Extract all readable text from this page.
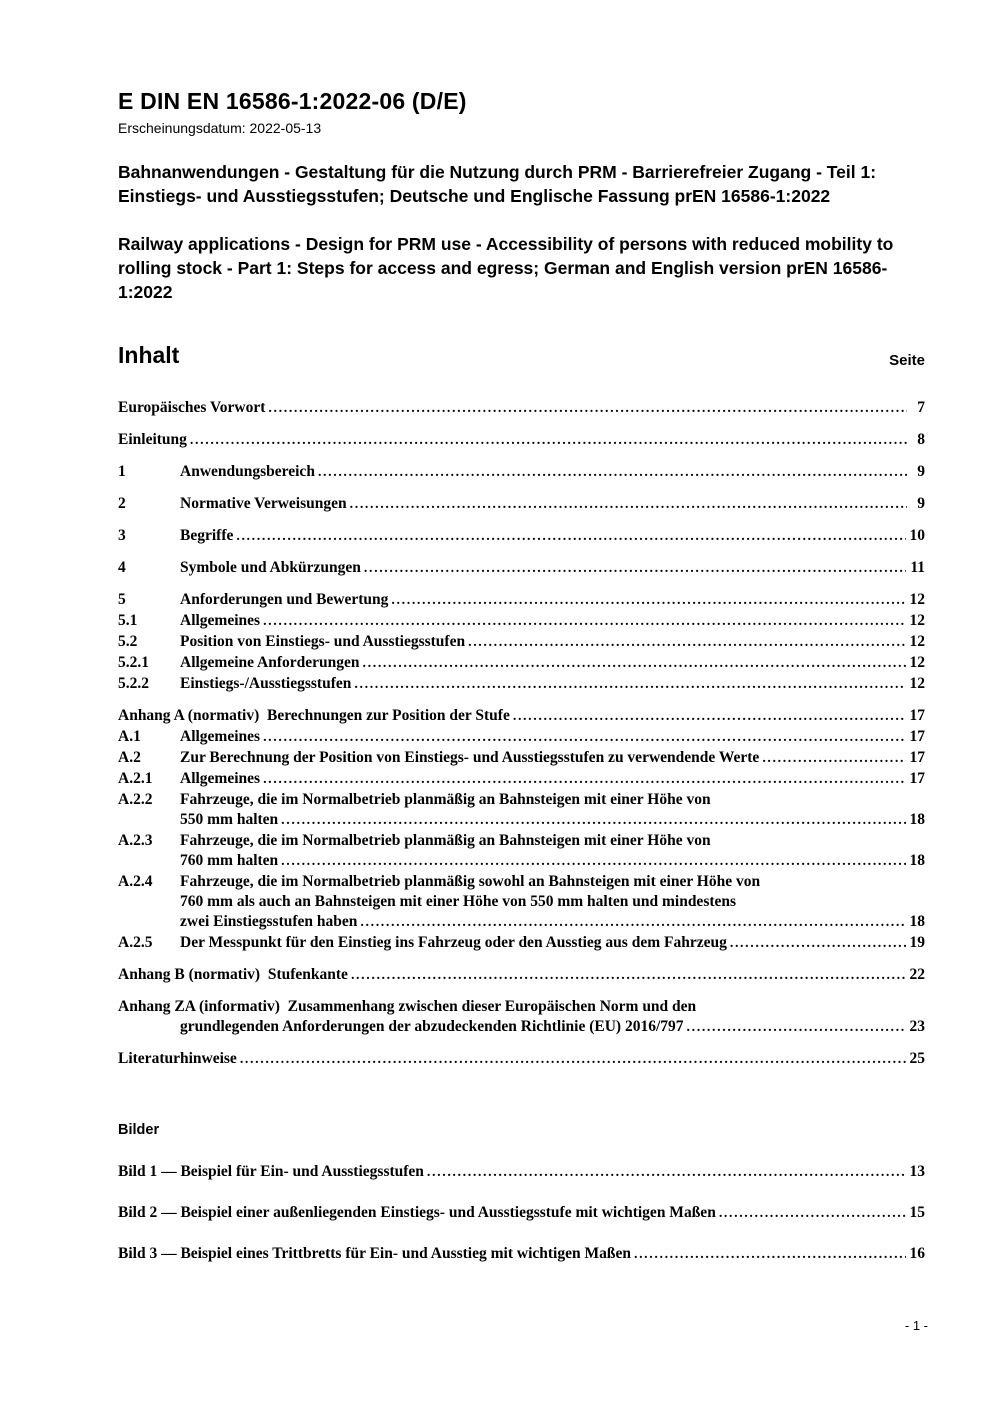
E DIN EN 16586-1:2022-06 (D/E)
Erscheinungsdatum: 2022-05-13

Bahnanwendungen - Gestaltung für die Nutzung durch PRM - Barrierefreier Zugang - Teil 1: Einstiegs- und Ausstiegsstufen; Deutsche und Englische Fassung prEN 16586-1:2022

Railway applications - Design for PRM use - Accessibility of persons with reduced mobility to rolling stock - Part 1: Steps for access and egress; German and English version prEN 16586-1:2022

Inhalt	Seite
Europäisches Vorwort .....	7
Einleitung .....	8
1	Anwendungsbereich .....	9
2	Normative Verweisungen .....	9
3	Begriffe .....	10
4	Symbole und Abkürzungen .....	11
5	Anforderungen und Bewertung .....	12
5.1	Allgemeines .....	12
5.2	Position von Einstiegs- und Ausstiegsstufen .....	12
5.2.1	Allgemeine Anforderungen .....	12
5.2.2	Einstiegs-/Ausstiegsstufen .....	12
Anhang A (normativ)  Berechnungen zur Position der Stufe .....	17
A.1	Allgemeines .....	17
A.2	Zur Berechnung der Position von Einstiegs- und Ausstiegsstufen zu verwendende Werte .....	17
A.2.1	Allgemeines .....	17
A.2.2	Fahrzeuge, die im Normalbetrieb planmäßig an Bahnsteigen mit einer Höhe von
550 mm halten .....	18
A.2.3	Fahrzeuge, die im Normalbetrieb planmäßig an Bahnsteigen mit einer Höhe von
760 mm halten .....	18
A.2.4	Fahrzeuge, die im Normalbetrieb planmäßig sowohl an Bahnsteigen mit einer Höhe von
760 mm als auch an Bahnsteigen mit einer Höhe von 550 mm halten und mindestens
zwei Einstiegsstufen haben .....	18
A.2.5	Der Messpunkt für den Einstieg ins Fahrzeug oder den Ausstieg aus dem Fahrzeug .....	19
Anhang B (normativ)  Stufenkante .....	22
Anhang ZA (informativ)  Zusammenhang zwischen dieser Europäischen Norm und den
grundlegenden Anforderungen der abzudeckenden Richtlinie (EU) 2016/797 .....	23
Literaturhinweise .....	25
Bilder
Bild 1 — Beispiel für Ein- und Ausstiegsstufen .....	13
Bild 2 — Beispiel einer außenliegenden Einstiegs- und Ausstiegsstufe mit wichtigen Maßen .....	15
Bild 3 — Beispiel eines Trittbretts für Ein- und Ausstieg mit wichtigen Maßen .....	16
- 1 -
